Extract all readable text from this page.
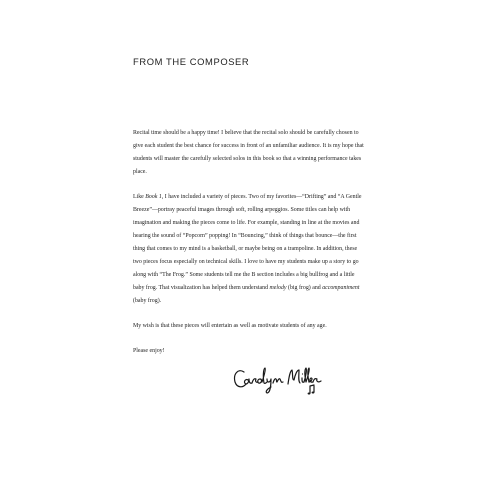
FROM THE COMPOSER

Recital time should be a happy time! I believe that the recital solo should be carefully chosen to give each student the best chance for success in front of an unfamiliar audience. It is my hope that students will master the carefully selected solos in this book so that a winning performance takes place.

Like Book 1, I have included a variety of pieces. Two of my favorites—“Drifting” and “A Gentle Breeze”—portray peaceful images through soft, rolling arpeggios. Some titles can help with imagination and making the pieces come to life. For example, standing in line at the movies and hearing the sound of “Popcorn” popping! In “Bouncing,” think of things that bounce—the first thing that comes to my mind is a basketball, or maybe being on a trampoline. In addition, these two pieces focus especially on technical skills. I love to have my students make up a story to go along with “The Frog.” Some students tell me the B section includes a big bullfrog and a little baby frog. That visualization has helped them understand melody (big frog) and accompaniment (baby frog).

My wish is that these pieces will entertain as well as motivate students of any age.

Please enjoy!
